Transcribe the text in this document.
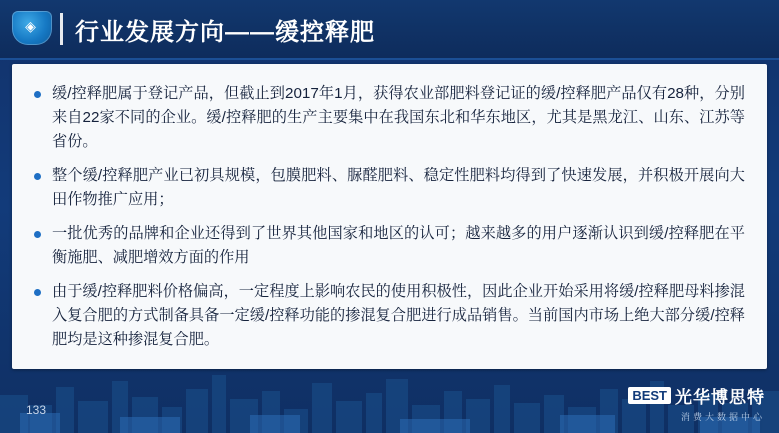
◈	行业发展方向——缓控释肥
缓/控释肥属于登记产品，但截止到2017年1月，获得农业部肥料登记证的缓/控释肥产品仅有28种，分别来自22家不同的企业。缓/控释肥的生产主要集中在我国东北和华东地区，尤其是黑龙江、山东、江苏等省份。
整个缓/控释肥产业已初具规模，包膜肥料、脲醛肥料、稳定性肥料均得到了快速发展，并积极开展向大田作物推广应用；
一批优秀的品牌和企业还得到了世界其他国家和地区的认可；越来越多的用户逐渐认识到缓/控释肥在平衡施肥、减肥增效方面的作用
由于缓/控释肥料价格偏高，一定程度上影响农民的使用积极性，因此企业开始采用将缓/控释肥母料掺混入复合肥的方式制备具备一定缓/控释功能的掺混复合肥进行成品销售。当前国内市场上绝大部分缓/控释肥均是这种掺混复合肥。
133
BEST 光华博思特
消费大数据中心
